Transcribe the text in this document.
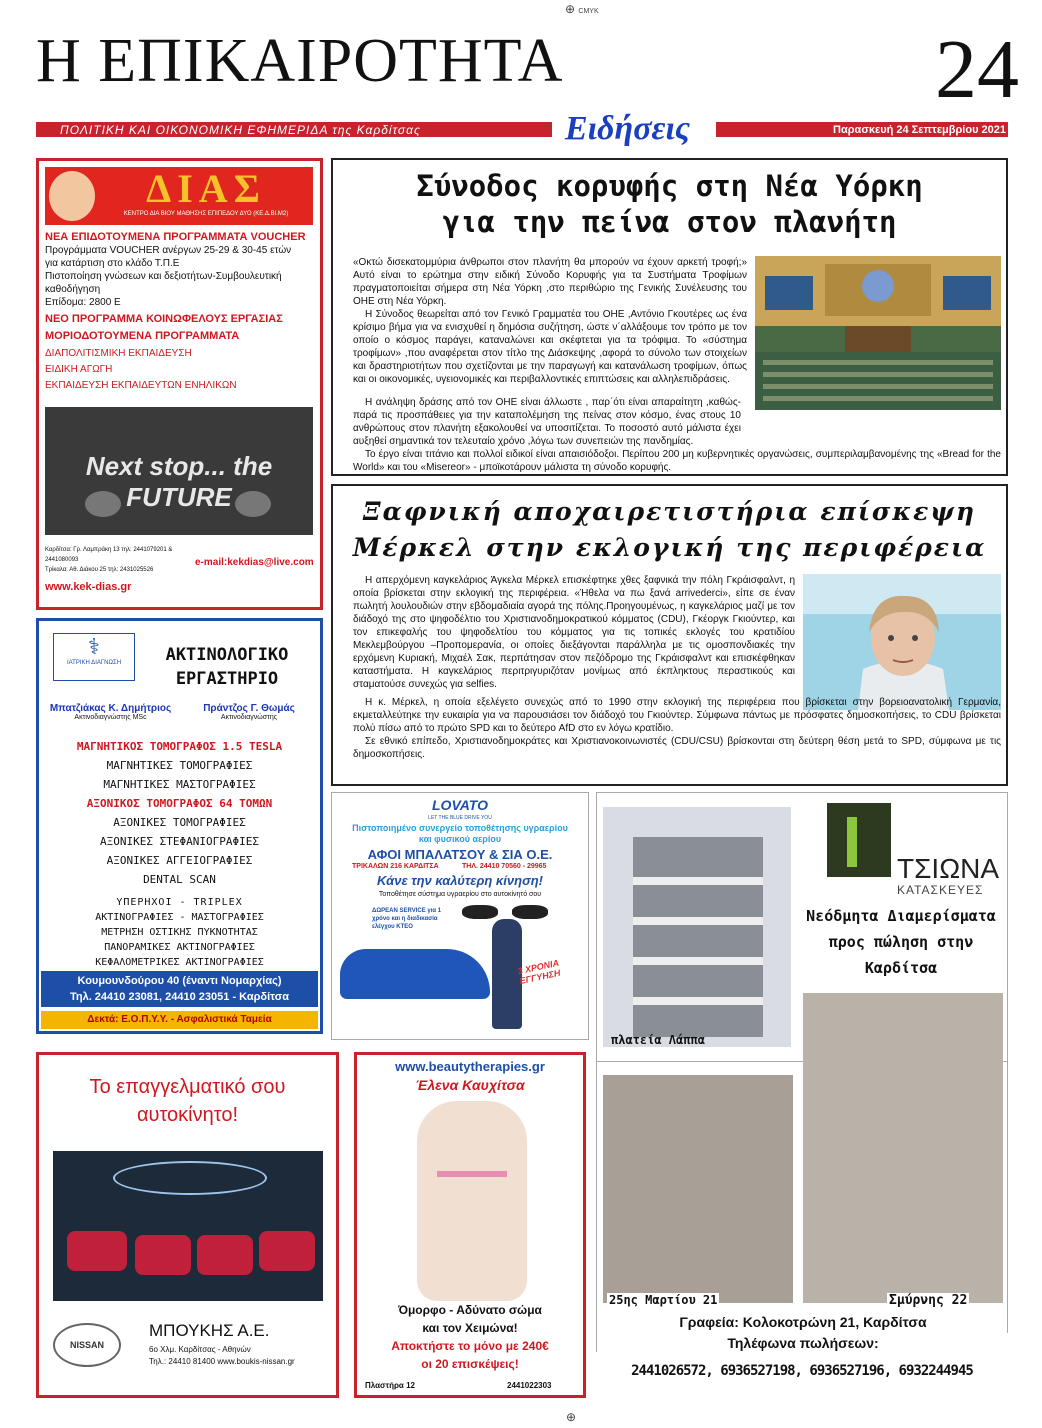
⊕ CMYK
⊕
Η ΕΠΙΚΑΙΡΟΤΗΤΑ
ΠΟΛΙΤΙΚΗ ΚΑΙ ΟΙΚΟΝΟΜΙΚΗ ΕΦΗΜΕΡΙΔΑ της Καρδίτσας	Ειδήσεις
24
Παρασκευή 24 Σεπτεμβρίου 2021
Σύνοδος κορυφής στη Νέα Υόρκη
για την πείνα στον πλανήτη

«Οκτώ δισεκατομμύρια άνθρωποι στον πλανήτη θα μπορούν να έχουν αρκετή τροφή;» Αυτό είναι το ερώτημα στην ειδική Σύνοδο Κορυφής για τα Συστήματα Τροφίμων πραγματοποιείται σήμερα στη Νέα Υόρκη ,στο περιθώριο της Γενικής Συνέλευσης του ΟΗΕ στη Νέα Υόρκη.

Η Σύνοδος θεωρείται από τον Γενικό Γραμματέα του ΟΗΕ ,Αντόνιο Γκουτέρες ως ένα κρίσιμο βήμα για να ενισχυθεί η δημόσια συζήτηση, ώστε ν΄αλλάξουμε τον τρόπο με τον οποίο ο κόσμος παράγει, καταναλώνει και σκέφτεται για τα τρόφιμα. Το «σύστημα τροφίμων» ,που αναφέρεται στον τίτλο της Διάσκεψης ,αφορά το σύνολο των στοιχείων και δραστηριοτήτων που σχετίζονται με την παραγωγή και κατανάλωση τροφίμων, όπως και οι οικονομικές, υγειονομικές και περιβαλλοντικές επιπτώσεις και αλληλεπιδράσεις.

Η ανάληψη δράσης από τον ΟΗΕ είναι άλλωστε , παρ΄ότι είναι απαραίτητη ,καθώς- παρά τις προσπάθειες για την καταπολέμηση της πείνας στον κόσμο, ένας στους 10 ανθρώπους στον πλανήτη εξακολουθεί να υποσιτίζεται. Το ποσοστό αυτό μάλιστα έχει αυξηθεί σημαντικά τον τελευταίο χρόνο ,λόγω των συνεπειών της πανδημίας.

Το έργο είναι τιτάνιο και πολλοί ειδικοί είναι απαισιόδοξοι. Περίπου 200 μη κυβερνητικές οργανώσεις, συμπεριλαμβανομένης της «Bread for the World» και του «Misereor» - μποϊκοτάρουν μάλιστα τη σύνοδο κορυφής.

Ξαφνική αποχαιρετιστήρια επίσκεψη
Μέρκελ στην εκλογική της περιφέρεια

Η απερχόμενη καγκελάριος Άγκελα Μέρκελ επισκέφτηκε χθες ξαφνικά την πόλη Γκράισφαλντ, η οποία βρίσκεται στην εκλογική της περιφέρεια. «Ήθελα να πω ξανά arrivederci», είπε σε έναν πωλητή λουλουδιών στην εβδομαδιαία αγορά της πόλης.Προηγουμένως, η καγκελάριος μαζί με τον διάδοχό της στο ψηφοδέλτιο του Χριστιανοδημοκρατικού κόμματος (CDU), Γκέοργκ Γκιούντερ, και τον επικεφαλής του ψηφοδελτίου του κόμματος για τις τοπικές εκλογές του κρατιδίου Μεκλεμβούργου –Προπομερανία, οι οποίες διεξάγονται παράλληλα με τις ομοσπονδιακές την ερχόμενη Κυριακή, Μιχαέλ Σακ, περπάτησαν στον πεζόδρομο της Γκράισφαλντ και επισκέφθηκαν καταστήματα. Η καγκελάριος περιτριγυριζόταν μονίμως από έκπληκτους περαστικούς και σταματούσε συνεχώς για selfies.

Η κ. Μέρκελ, η οποία εξελέγετο συνεχώς από το 1990 στην εκλογική της περιφέρεια που βρίσκεται στην βορειοανατολική Γερμανία, εκμεταλλεύτηκε την ευκαιρία για να παρουσιάσει τον διάδοχό του Γκιούντερ. Σύμφωνα πάντως με πρόσφατες δημοσκοπήσεις, το CDU βρίσκεται πολύ πίσω από το πρώτο SPD και το δεύτερο AfD στο εν λόγω κρατίδιο.

Σε εθνικό επίπεδο, Χριστιανοδημοκράτες και Χριστιανοκοινωνιστές (CDU/CSU) βρίσκονται στη δεύτερη θέση μετά το SPD, σύμφωνα με τις δημοσκοπήσεις.

ΔΙΑΣ
ΚΕΝΤΡΟ ΔΙΑ ΒΙΟΥ ΜΑΘΗΣΗΣ ΕΠΙΠΕΔΟΥ ΔΥΟ (ΚΕ.Δ.ΒΙ.Μ2)
ΝΕΑ ΕΠΙΔΟΤΟΥΜΕΝΑ ΠΡΟΓΡΑΜΜΑΤΑ VOUCHER
Προγράμματα VOUCHER ανέργων 25-29 & 30-45 ετών
για κατάρτιση στο κλάδο Τ.Π.Ε
Πιστοποίηση γνώσεων και δεξιοτήτων-Συμβουλευτική καθοδήγηση
Επίδομα: 2800 Ε
ΝΕΟ ΠΡΟΓΡΑΜΜΑ ΚΟΙΝΩΦΕΛΟΥΣ ΕΡΓΑΣΙΑΣ
ΜΟΡΙΟΔΟΤΟΥΜΕΝΑ ΠΡΟΓΡΑΜΜΑΤΑ
ΔΙΑΠΟΛΙΤΙΣΜΙΚΗ ΕΚΠΑΙΔΕΥΣΗ
ΕΙΔΙΚΗ ΑΓΩΓΗ
ΕΚΠΑΙΔΕΥΣΗ ΕΚΠΑΙΔΕΥΤΩΝ ΕΝΗΛΙΚΩΝ
Next stop... the FUTURE
Καρδίτσα: Γρ. Λαμπράκη 13 τηλ: 2441079201 & 2441080093
Τρίκαλα: Αθ. Διάκου 25 τηλ: 2431025526
e-mail:kekdias@live.com
www.kek-dias.gr
⚕
ΙΑΤΡΙΚΗ ΔΙΑΓΝΩΣΗ	ΑΚΤΙΝΟΛΟΓΙΚΟ
ΕΡΓΑΣΤΗΡΙΟ
Μπατζιάκας Κ. Δημήτριος
Ακτινοδιαγνώστης MSc
Πράντζος Γ. Θωμάς
Ακτινοδιαγνώστης
ΜΑΓΝΗΤΙΚΟΣ ΤΟΜΟΓΡΑΦΟΣ 1.5 TESLA
ΜΑΓΝΗΤΙΚΕΣ ΤΟΜΟΓΡΑΦΙΕΣ
ΜΑΓΝΗΤΙΚΕΣ ΜΑΣΤΟΓΡΑΦΙΕΣ
ΑΞΟΝΙΚΟΣ ΤΟΜΟΓΡΑΦΟΣ 64 ΤΟΜΩΝ
ΑΞΟΝΙΚΕΣ ΤΟΜΟΓΡΑΦΙΕΣ
ΑΞΟΝΙΚΕΣ ΣΤΕΦΑΝΙΟΓΡΑΦΙΕΣ
ΑΞΟΝΙΚΕΣ ΑΓΓΕΙΟΓΡΑΦΙΕΣ
DENTAL SCAN
ΥΠΕΡΗΧΟΙ - TRIPLEX
ΑΚΤΙΝΟΓΡΑΦΙΕΣ - ΜΑΣΤΟΓΡΑΦΙΕΣ
ΜΕΤΡΗΣΗ ΟΣΤΙΚΗΣ ΠΥΚΝΟΤΗΤΑΣ
ΠΑΝΟΡΑΜΙΚΕΣ ΑΚΤΙΝΟΓΡΑΦΙΕΣ
ΚΕΦΑΛΟΜΕΤΡΙΚΕΣ ΑΚΤΙΝΟΓΡΑΦΙΕΣ
Κουμουνδούρου 40 (έναντι Νομαρχίας)
Τηλ. 24410 23081, 24410 23051 - Καρδίτσα
Δεκτά: Ε.Ο.Π.Υ.Υ. - Ασφαλιστικά Ταμεία
LOVATO
LET THE BLUE DRIVE YOU
Πιστοποιημένο συνεργείο τοποθέτησης υγραερίου και φυσικού αερίου
ΑΦΟΙ ΜΠΑΛΑΤΣΟΥ & ΣΙΑ Ο.Ε.
ΤΡΙΚΑΛΩΝ 216 ΚΑΡΔΙΤΣΑ	ΤΗΛ. 24410 70560 - 29965
Κάνε την καλύτερη κίνηση!
Τοποθέτησε σύστημα υγραερίου στο αυτοκίνητό σου
ΔΩΡΕΑΝ SERVICE για 1 χρόνο και η διαδικασία ελέγχου ΚΤΕΟ
3 ΧΡΟΝΙΑ ΕΓΓΥΗΣΗ
πλατεία Λάππα
ΤΣΙΩΝΑ
ΚΑΤΑΣΚΕΥΕΣ
Νεόδμητα Διαμερίσματα προς πώληση στην Καρδίτσα
25ης Μαρτίου 21	Σμύρνης 22
Γραφεία: Κολοκοτρώνη 21, Καρδίτσα
Τηλέφωνα πωλήσεων:
2441026572, 6936527198, 6936527196, 6932244945
Το επαγγελματικό σου αυτοκίνητο!
NISSAN
ΜΠΟΥΚΗΣ Α.Ε.
6ο Χλμ. Καρδίτσας - Αθηνών
Τηλ.: 24410 81400 www.boukis-nissan.gr
www.beautytherapies.gr
Έλενα Καυχίτσα
Όμορφο - Αδύνατο σώμα
και τον Χειμώνα!
Αποκτήστε το μόνο με 240€
οι 20 επισκέψεις!
Πλαστήρα 12	2441022303
